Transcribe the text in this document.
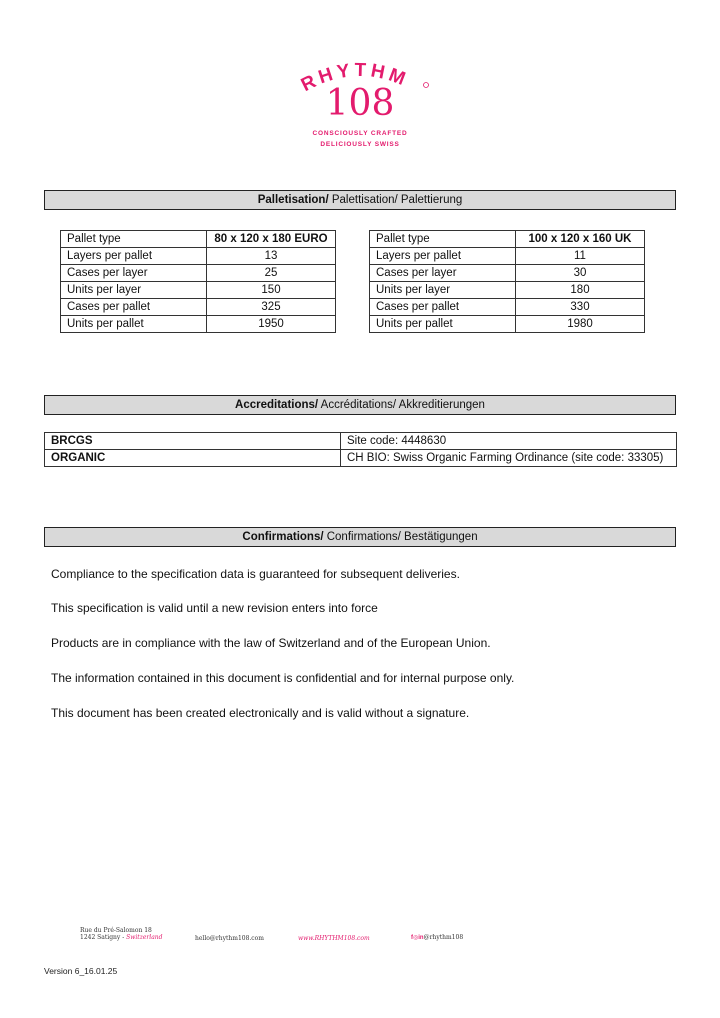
RHYTHM
108
CONSCIOUSLY CRAFTED
DELICIOUSLY SWISS
Palletisation/ Palettisation/ Palettierung
Pallet type	80 x 120 x 180 EURO
Layers per pallet	13
Cases per layer	25
Units per layer	150
Cases per pallet	325
Units per pallet	1950
Pallet type	100 x 120 x 160 UK
Layers per pallet	11
Cases per layer	30
Units per layer	180
Cases per pallet	330
Units per pallet	1980
Accreditations/ Accréditations/ Akkreditierungen
BRCGS	Site code: 4448630
ORGANIC	CH BIO: Swiss Organic Farming Ordinance (site code: 33305)
Confirmations/ Confirmations/ Bestätigungen
Compliance to the specification data is guaranteed for subsequent deliveries.
This specification is valid until a new revision enters into force
Products are in compliance with the law of Switzerland and of the European Union.
The information contained in this document is confidential and for internal purpose only.
This document has been created electronically and is valid without a signature.
Rue du Pré-Salomon 18
1242 Satigny - Switzerland	hello@rhythm108.com	www.RHYTHM108.com	f◎in@rhythm108
Version 6_16.01.25
